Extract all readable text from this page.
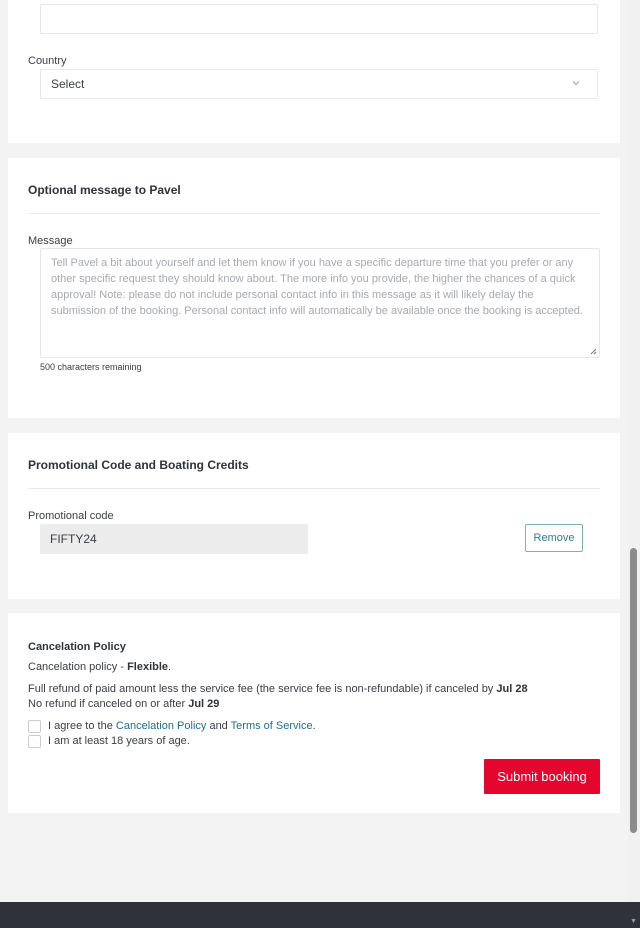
Country
Select
Optional message to Pavel
Message
Tell Pavel a bit about yourself and let them know if you have a specific departure time that you prefer or any other specific request they should know about. The more info you provide, the higher the chances of a quick approval! Note: please do not include personal contact info in this message as it will likely delay the submission of the booking. Personal contact info will automatically be available once the booking is accepted.
500 characters remaining
Promotional Code and Boating Credits
Promotional code
FIFTY24	Remove
Cancelation Policy
Cancelation policy - Flexible.
Full refund of paid amount less the service fee (the service fee is non-refundable) if canceled by Jul 28
No refund if canceled on or after Jul 29
I agree to the Cancelation Policy and Terms of Service.
I am at least 18 years of age.
Submit booking
▼
